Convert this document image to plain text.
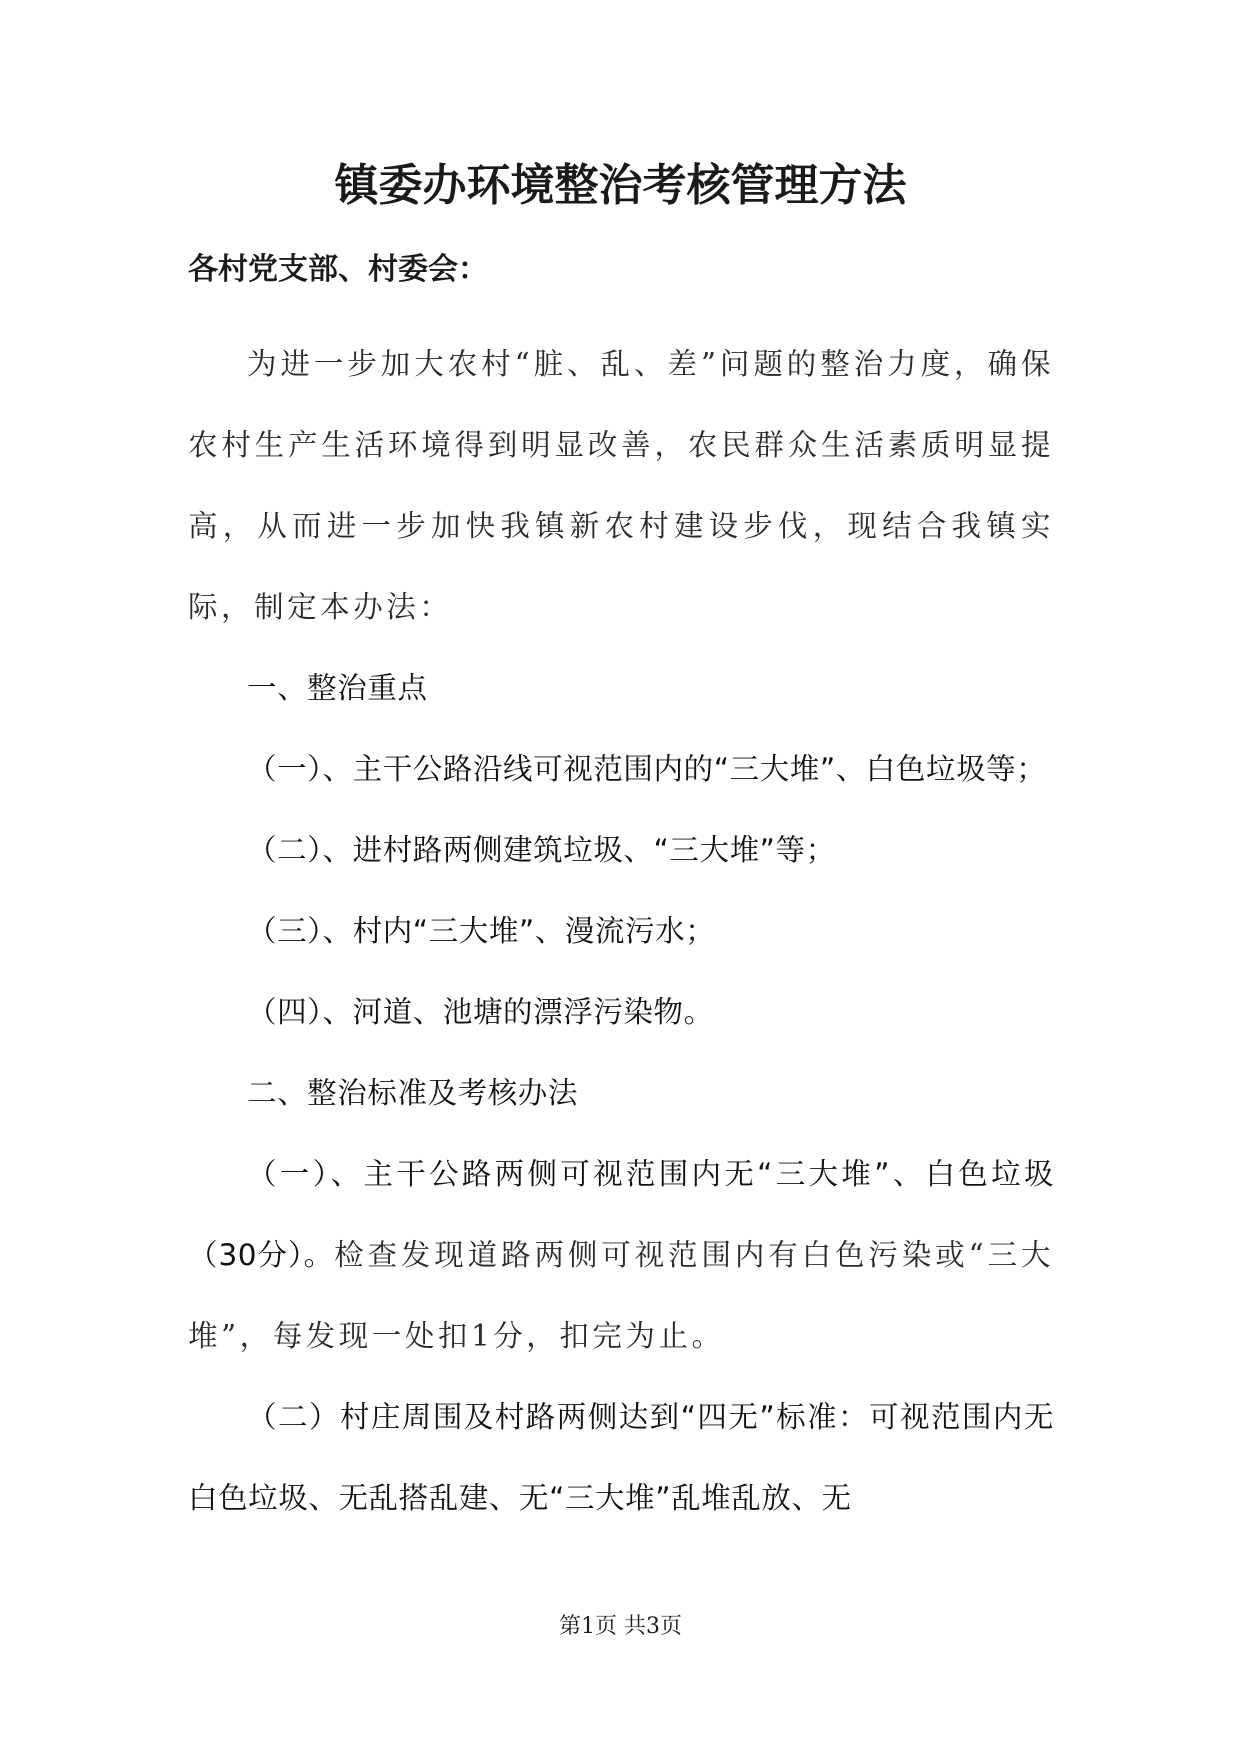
镇委办环境整治考核管理方法
各村党支部、村委会：

为进一步加大农村“脏、乱、差”问题的整治力度，确保农村生产生活环境得到明显改善，农民群众生活素质明显提高，从而进一步加快我镇新农村建设步伐，现结合我镇实际，制定本办法：

一、整治重点

（一）、主干公路沿线可视范围内的“三大堆”、白色垃圾等；

（二）、进村路两侧建筑垃圾、“三大堆”等；

（三）、村内“三大堆”、漫流污水；

（四）、河道、池塘的漂浮污染物。

二、整治标准及考核办法

（一）、主干公路两侧可视范围内无“三大堆”、白色垃圾（30分）。检查发现道路两侧可视范围内有白色污染或“三大堆”，每发现一处扣1分，扣完为止。

（二）村庄周围及村路两侧达到“四无”标准：可视范围内无白色垃圾、无乱搭乱建、无“三大堆”乱堆乱放、无

第1页 共3页
